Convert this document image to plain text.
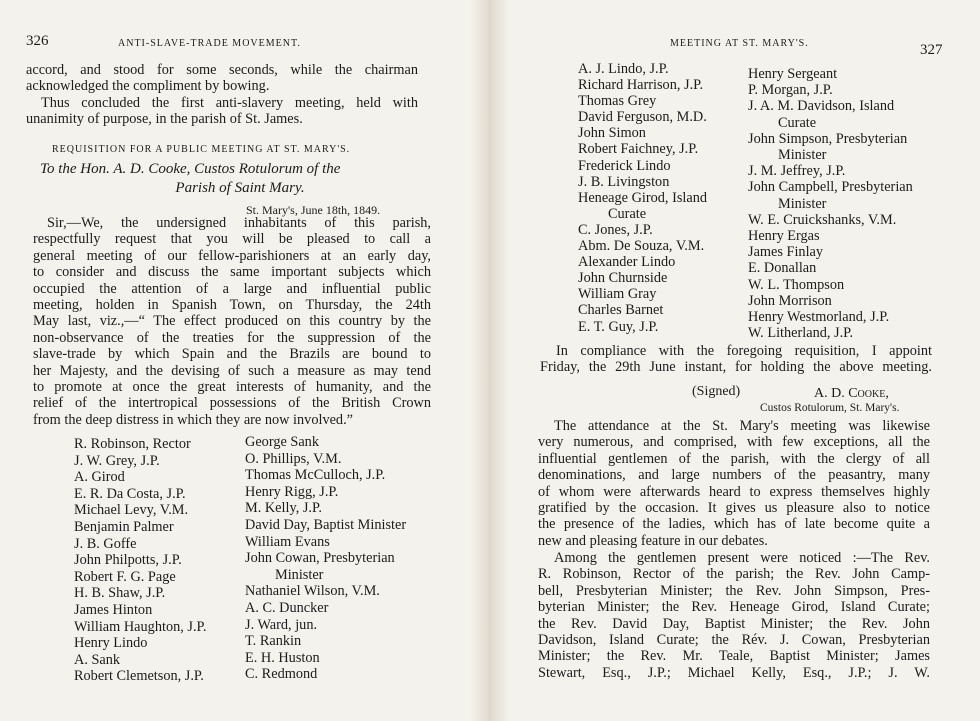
326	ANTI-SLAVE-TRADE MOVEMENT.
accord, and stood for some seconds, while the chairman
acknowledged the compliment by bowing.
Thus concluded the first anti-slavery meeting, held with
unanimity of purpose, in the parish of St. James.
REQUISITION FOR A PUBLIC MEETING AT ST. MARY'S.
To the Hon. A. D. Cooke, Custos Rotulorum of the
Parish of Saint Mary.
St. Mary's, June 18th, 1849.
Sir,—We, the undersigned inhabitants of this parish,
respectfully request that you will be pleased to call a
general meeting of our fellow-parishioners at an early day,
to consider and discuss the same important subjects which
occupied the attention of a large and influential public
meeting, holden in Spanish Town, on Thursday, the 24th
May last, viz.,—“ The effect produced on this country by the
non-observance of the treaties for the suppression of the
slave-trade by which Spain and the Brazils are bound to
her Majesty, and the devising of such a measure as may tend
to promote at once the great interests of humanity, and the
relief of the intertropical possessions of the British Crown
from the deep distress in which they are now involved.”
R. Robinson, Rector
J. W. Grey, J.P.
A. Girod
E. R. Da Costa, J.P.
Michael Levy, V.M.
Benjamin Palmer
J. B. Goffe
John Philpotts, J.P.
Robert F. G. Page
H. B. Shaw, J.P.
James Hinton
William Haughton, J.P.
Henry Lindo
A. Sank
Robert Clemetson, J.P.
George Sank
O. Phillips, V.M.
Thomas McCulloch, J.P.
Henry Rigg, J.P.
M. Kelly, J.P.
David Day, Baptist Minister
William Evans
John Cowan, Presbyterian
Minister
Nathaniel Wilson, V.M.
A. C. Duncker
J. Ward, jun.
T. Rankin
E. H. Huston
C. Redmond
MEETING AT ST. MARY'S.	327
A. J. Lindo, J.P.
Richard Harrison, J.P.
Thomas Grey
David Ferguson, M.D.
John Simon
Robert Faichney, J.P.
Frederick Lindo
J. B. Livingston
Heneage Girod, Island
Curate
C. Jones, J.P.
Abm. De Souza, V.M.
Alexander Lindo
John Churnside
William Gray
Charles Barnet
E. T. Guy, J.P.
Henry Sergeant
P. Morgan, J.P.
J. A. M. Davidson, Island
Curate
John Simpson, Presbyterian
Minister
J. M. Jeffrey, J.P.
John Campbell, Presbyterian
Minister
W. E. Cruickshanks, V.M.
Henry Ergas
James Finlay
E. Donallan
W. L. Thompson
John Morrison
Henry Westmorland, J.P.
W. Litherland, J.P.
In compliance with the foregoing requisition, I appoint
Friday, the 29th June instant, for holding the above meeting.
(Signed)	A. D. Cooke,
Custos Rotulorum, St. Mary's.
The attendance at the St. Mary's meeting was likewise
very numerous, and comprised, with few exceptions, all the
influential gentlemen of the parish, with the clergy of all
denominations, and large numbers of the peasantry, many
of whom were afterwards heard to express themselves highly
gratified by the occasion. It gives us pleasure also to notice
the presence of the ladies, which has of late become quite a
new and pleasing feature in our debates.
Among the gentlemen present were noticed :—The Rev.
R. Robinson, Rector of the parish; the Rev. John Camp-
bell, Presbyterian Minister; the Rev. John Simpson, Pres-
byterian Minister; the Rev. Heneage Girod, Island Curate;
the Rev. David Day, Baptist Minister; the Rev. John
Davidson, Island Curate; the Rév. J. Cowan, Presbyterian
Minister; the Rev. Mr. Teale, Baptist Minister; James
Stewart, Esq., J.P.; Michael Kelly, Esq., J.P.; J. W.
